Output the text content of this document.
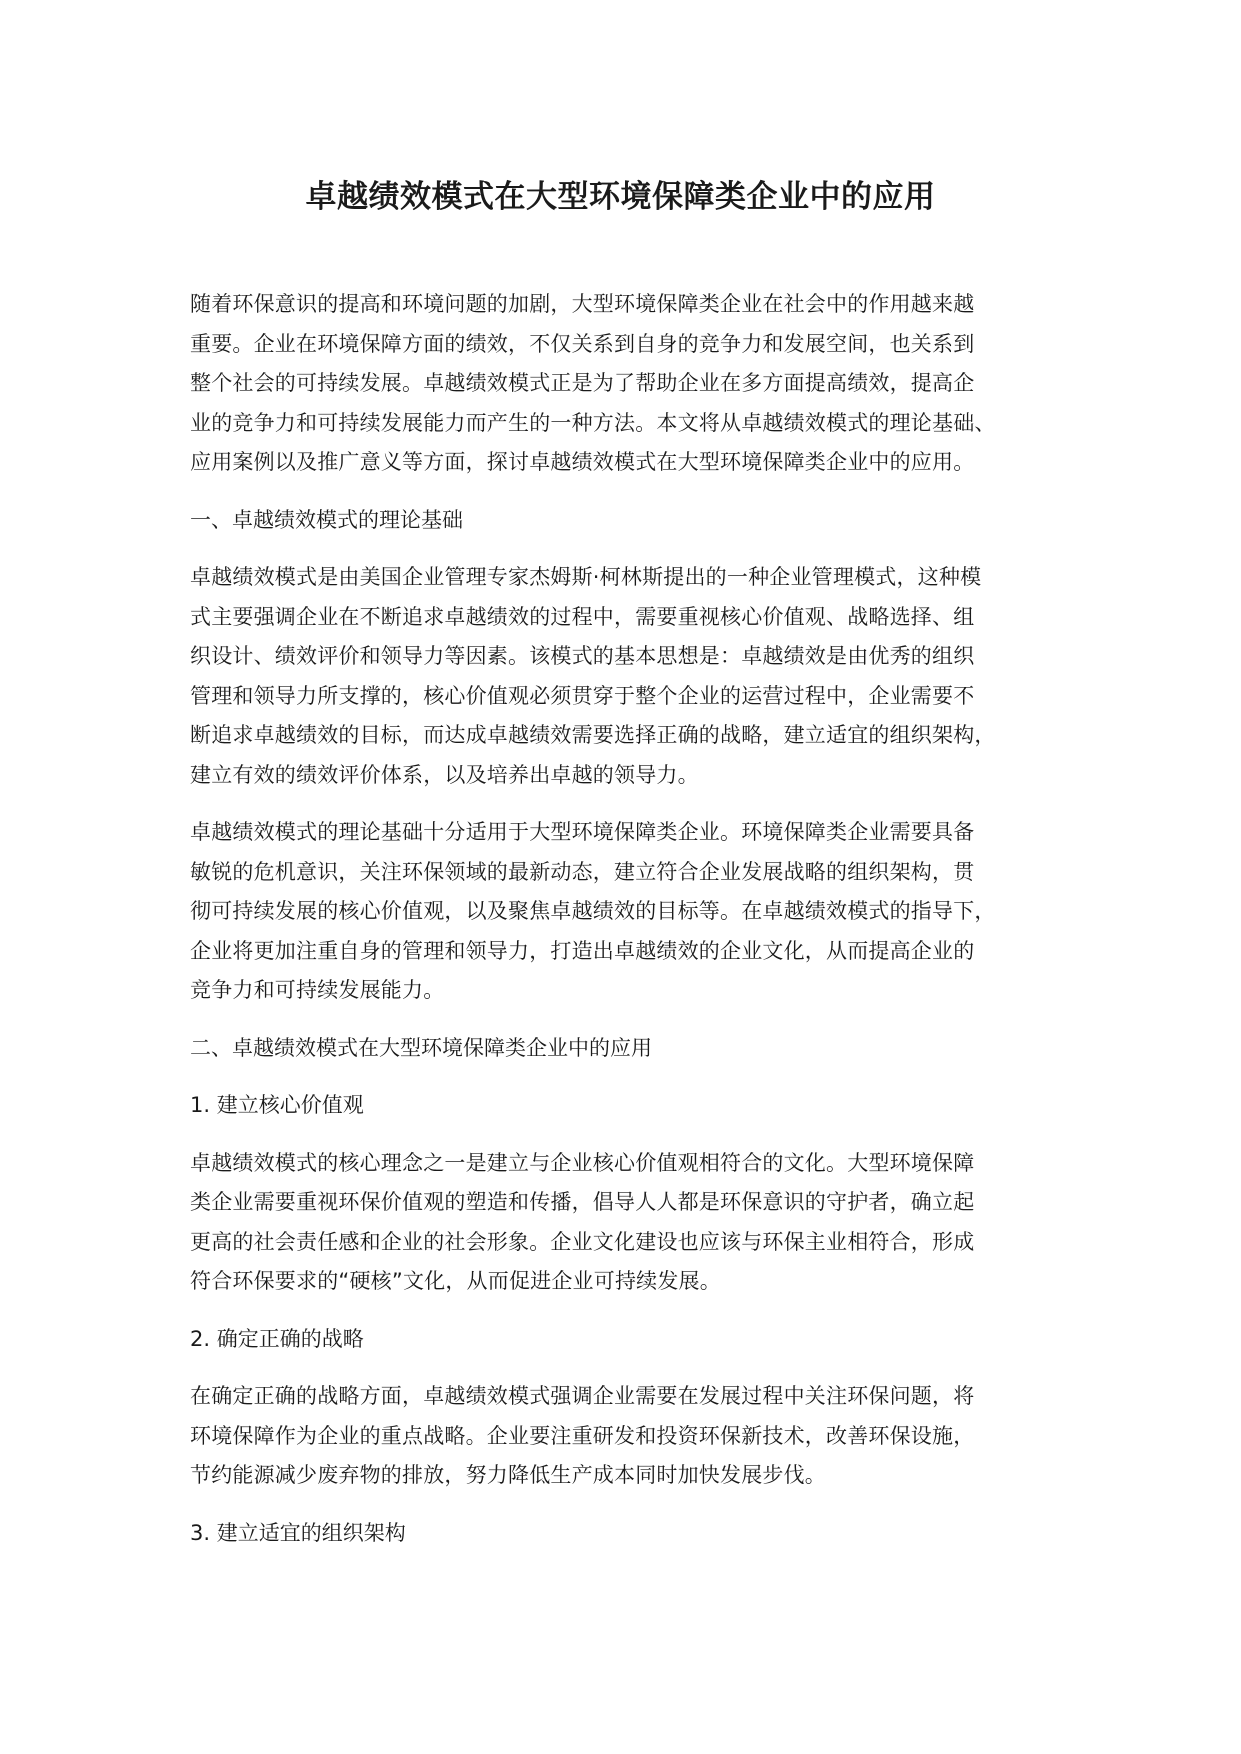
卓越绩效模式在大型环境保障类企业中的应用

随着环保意识的提高和环境问题的加剧，大型环境保障类企业在社会中的作用越来越
重要。企业在环境保障方面的绩效，不仅关系到自身的竞争力和发展空间，也关系到
整个社会的可持续发展。卓越绩效模式正是为了帮助企业在多方面提高绩效，提高企
业的竞争力和可持续发展能力而产生的一种方法。本文将从卓越绩效模式的理论基础、
应用案例以及推广意义等方面，探讨卓越绩效模式在大型环境保障类企业中的应用。

一、卓越绩效模式的理论基础

卓越绩效模式是由美国企业管理专家杰姆斯·柯林斯提出的一种企业管理模式，这种模
式主要强调企业在不断追求卓越绩效的过程中，需要重视核心价值观、战略选择、组
织设计、绩效评价和领导力等因素。该模式的基本思想是：卓越绩效是由优秀的组织
管理和领导力所支撑的，核心价值观必须贯穿于整个企业的运营过程中，企业需要不
断追求卓越绩效的目标，而达成卓越绩效需要选择正确的战略，建立适宜的组织架构，
建立有效的绩效评价体系，以及培养出卓越的领导力。

卓越绩效模式的理论基础十分适用于大型环境保障类企业。环境保障类企业需要具备
敏锐的危机意识，关注环保领域的最新动态，建立符合企业发展战略的组织架构，贯
彻可持续发展的核心价值观，以及聚焦卓越绩效的目标等。在卓越绩效模式的指导下，
企业将更加注重自身的管理和领导力，打造出卓越绩效的企业文化，从而提高企业的
竞争力和可持续发展能力。

二、卓越绩效模式在大型环境保障类企业中的应用

1. 建立核心价值观

卓越绩效模式的核心理念之一是建立与企业核心价值观相符合的文化。大型环境保障
类企业需要重视环保价值观的塑造和传播，倡导人人都是环保意识的守护者，确立起
更高的社会责任感和企业的社会形象。企业文化建设也应该与环保主业相符合，形成
符合环保要求的“硬核”文化，从而促进企业可持续发展。

2. 确定正确的战略

在确定正确的战略方面，卓越绩效模式强调企业需要在发展过程中关注环保问题，将
环境保障作为企业的重点战略。企业要注重研发和投资环保新技术，改善环保设施，
节约能源减少废弃物的排放，努力降低生产成本同时加快发展步伐。

3. 建立适宜的组织架构
